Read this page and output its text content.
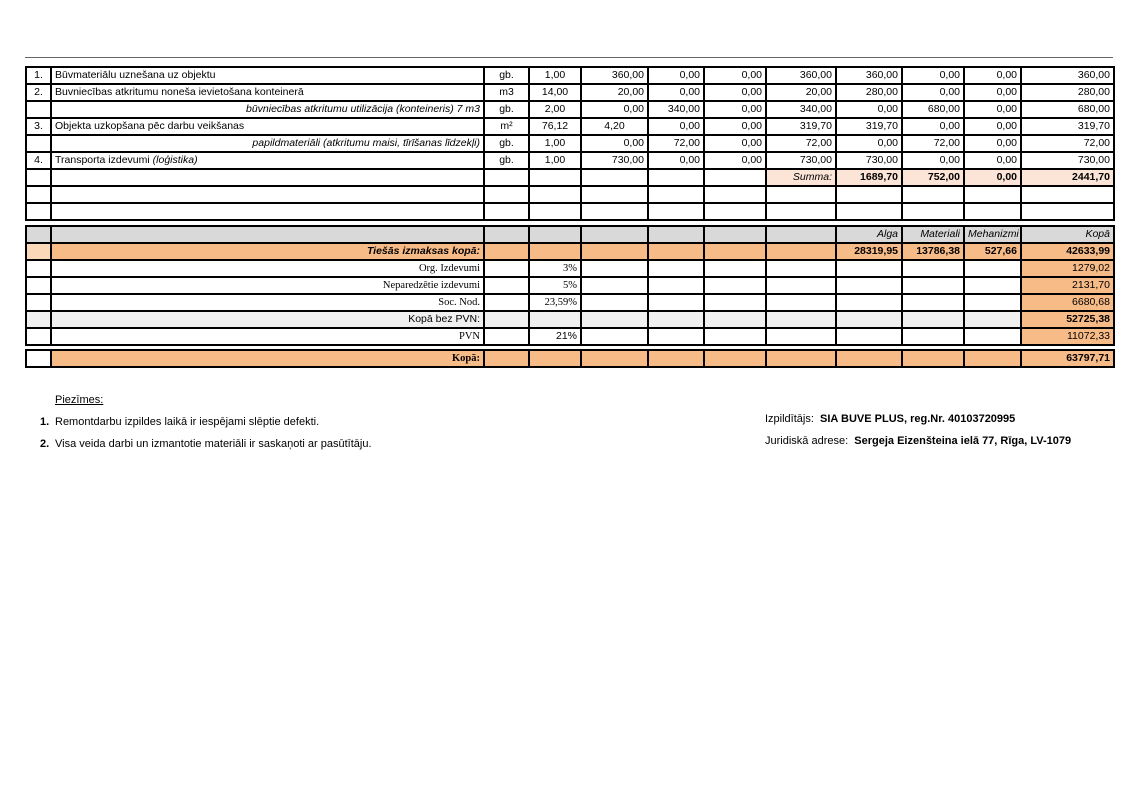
1.	Būvmateriālu uznešana uz objektu	gb.	1,00	360,00	0,00	0,00	360,00	360,00	0,00	0,00	360,00
2.	Buvniecības atkritumu noneša ievietošana konteinerā	m3	14,00	20,00	0,00	0,00	20,00	280,00	0,00	0,00	280,00
	būvniecības atkritumu utilizācija (konteineris) 7 m3	gb.	2,00	0,00	340,00	0,00	340,00	0,00	680,00	0,00	680,00
3.	Objekta uzkopšana pēc darbu veikšanas	m²	76,12	4,20	0,00	0,00	319,70	319,70	0,00	0,00	319,70
	papildmateriāli (atkritumu maisi, tīrīšanas līdzekļi)	gb.	1,00	0,00	72,00	0,00	72,00	0,00	72,00	0,00	72,00
4.	Transporta izdevumi (loģistika)	gb.	1,00	730,00	0,00	0,00	730,00	730,00	0,00	0,00	730,00
							Summa:	1689,70	752,00	0,00	2441,70

								Alga	Materiali	Mehanizmi	Kopā
	Tiešās izmaksas kopā:							28319,95	13786,38	527,66	42633,99
	Org. Izdevumi		3%								1279,02
	Neparedzētie izdevumi		5%								2131,70
	Soc. Nod.		23,59%								6680,68
	Kopā bez PVN:										52725,38
	PVN		21%								11072,33

	Kopā:										63797,71
Piezīmes:
1. Remontdarbu izpildes laikā ir iespējami slēptie defekti.
2. Visa veida darbi un izmantotie materiāli ir saskaņoti ar pasūtītāju.
Izpildītājs:  SIA BUVE PLUS, reg.Nr. 40103720995
Juridiskā adrese:  Sergeja Eizenšteina ielā 77, Rīga, LV-1079
